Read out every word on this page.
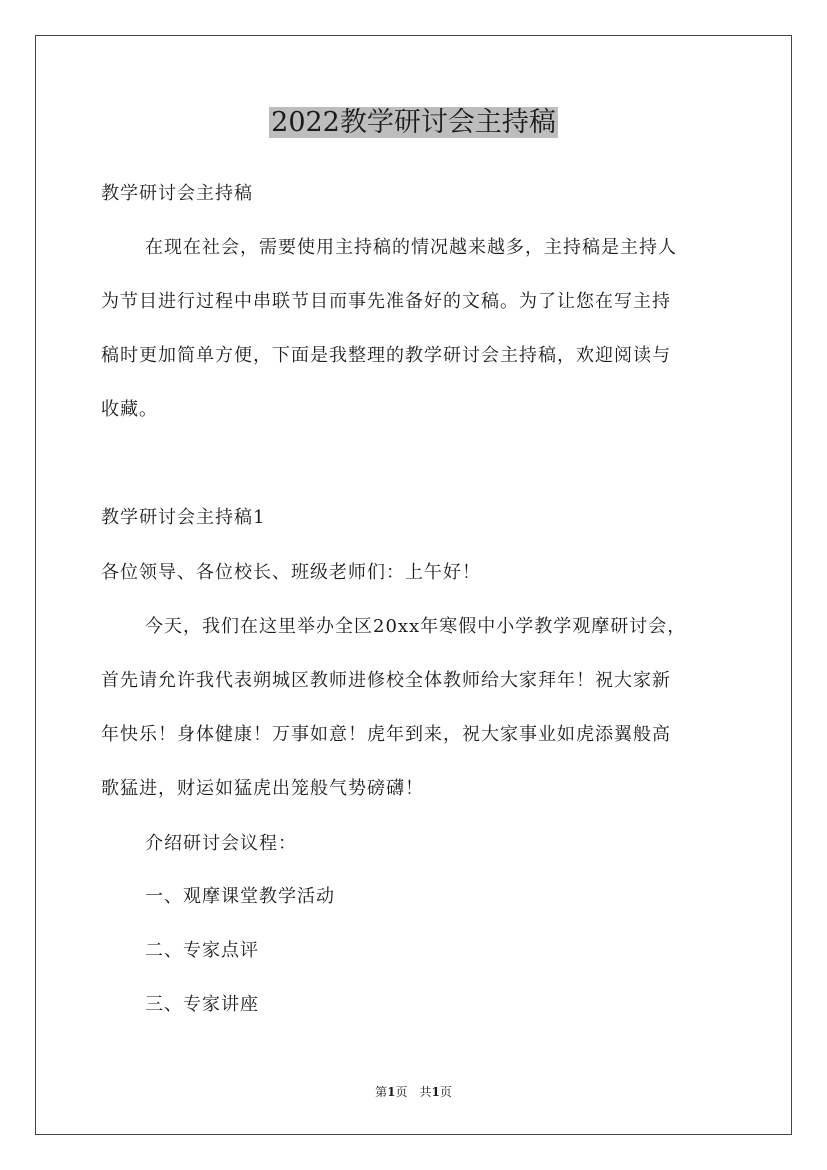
2022教学研讨会主持稿
教学研讨会主持稿
在现在社会，需要使用主持稿的情况越来越多，主持稿是主持人
为节目进行过程中串联节目而事先准备好的文稿。为了让您在写主持
稿时更加简单方便，下面是我整理的教学研讨会主持稿，欢迎阅读与
收藏。
教学研讨会主持稿1
各位领导、各位校长、班级老师们：上午好！
今天，我们在这里举办全区20xx年寒假中小学教学观摩研讨会，
首先请允许我代表朔城区教师进修校全体教师给大家拜年！祝大家新
年快乐！身体健康！万事如意！虎年到来，祝大家事业如虎添翼般高
歌猛进，财运如猛虎出笼般气势磅礴！
介绍研讨会议程：
一、观摩课堂教学活动
二、专家点评
三、专家讲座
第1页　共1页
